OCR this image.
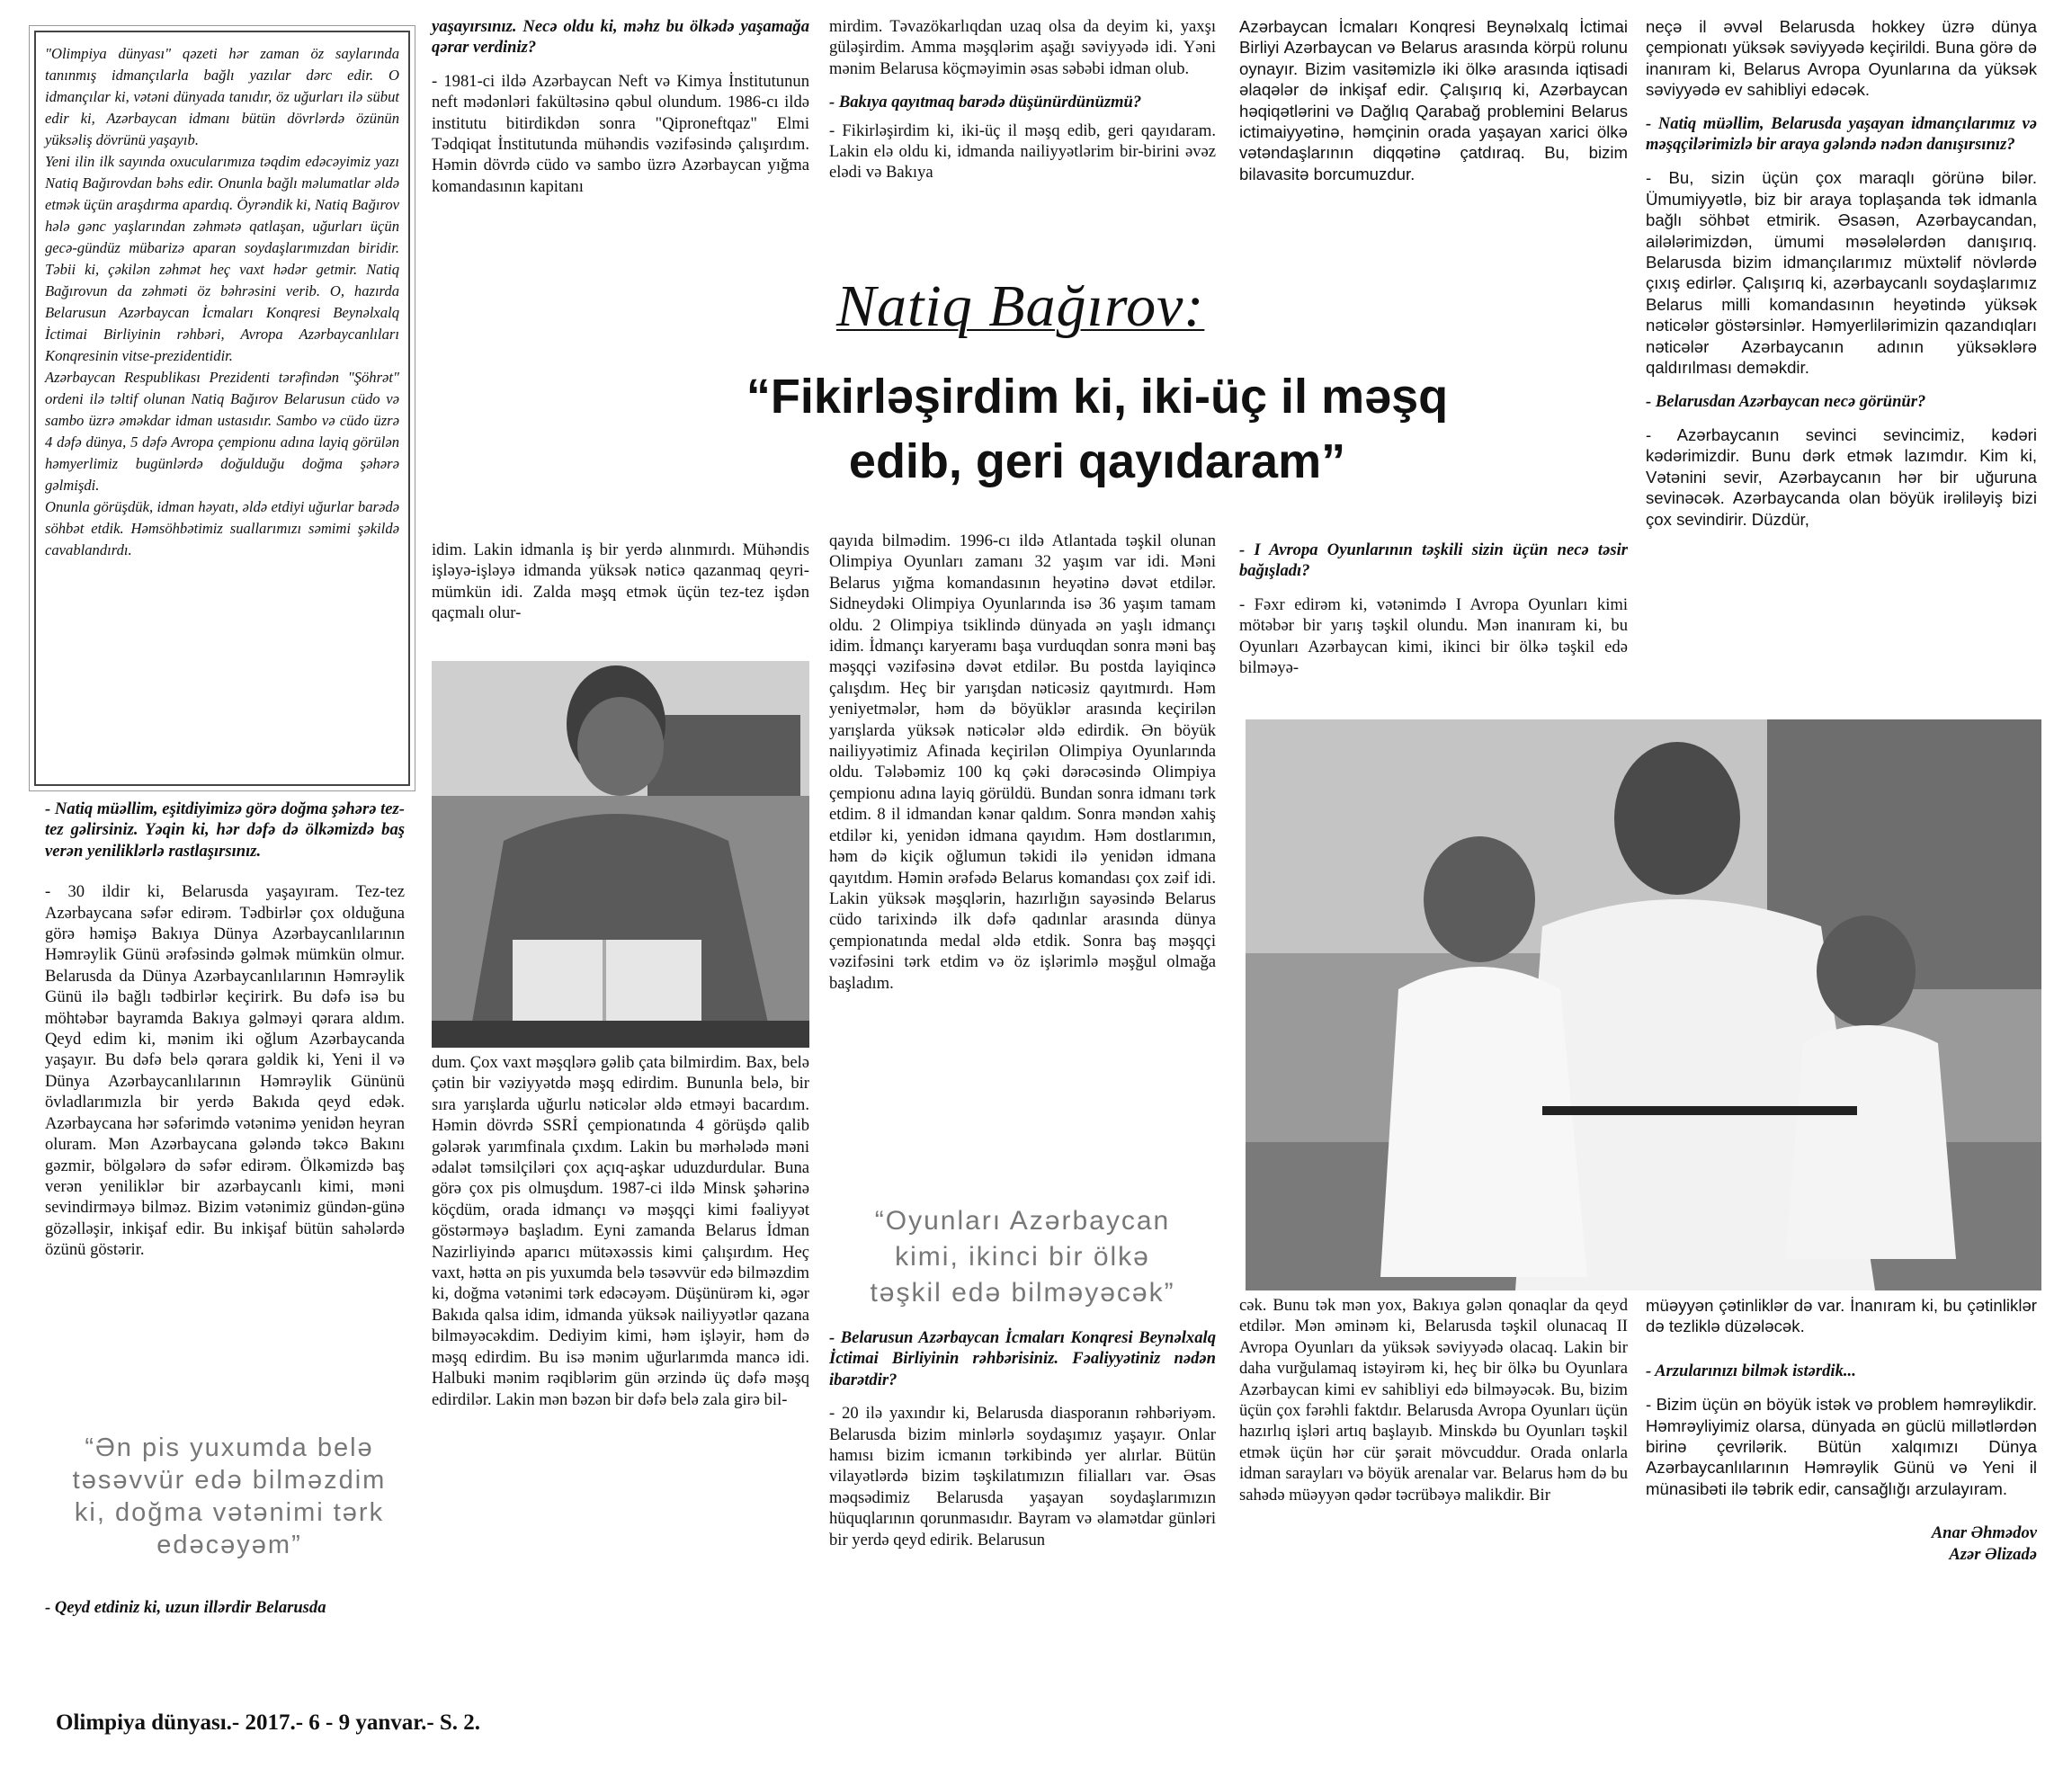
Natiq Bağırov:
“Fikirləşirdim ki, iki-üç il məşq
edib, geri qayıdaram”

"Olimpiya dünyası" qəzeti hər zaman öz saylarında tanınmış idmançılarla bağlı yazılar dərc edir. O idmançılar ki, vətəni dünyada tanıdır, öz uğurları ilə sübut edir ki, Azərbaycan idmanı bütün dövrlərdə özünün yüksəliş dövrünü yaşayıb.
Yeni ilin ilk sayında oxucularımıza təqdim edəcəyimiz yazı Natiq Bağırovdan bəhs edir. Onunla bağlı məlumatlar əldə etmək üçün araşdırma apardıq. Öyrəndik ki, Natiq Bağırov hələ gənc yaşlarından zəhmətə qatlaşan, uğurları üçün gecə-gündüz mübarizə aparan soydaşlarımızdan biridir. Təbii ki, çəkilən zəhmət heç vaxt hədər getmir. Natiq Bağırovun da zəhməti öz bəhrəsini verib. O, hazırda Belarusun Azərbaycan İcmaları Konqresi Beynəlxalq İctimai Birliyinin rəhbəri, Avropa Azərbaycanlıları Konqresinin vitse-prezidentidir.
Azərbaycan Respublikası Prezidenti tərəfindən "Şöhrət" ordeni ilə təltif olunan Natiq Bağırov Belarusun cüdo və sambo üzrə əməkdar idman ustasıdır. Sambo və cüdo üzrə 4 dəfə dünya, 5 dəfə Avropa çempionu adına layiq görülən həmyerlimiz bugünlərdə doğulduğu doğma şəhərə gəlmişdi.
Onunla görüşdük, idman həyatı, əldə etdiyi uğurlar barədə söhbət etdik. Həmsöhbətimiz suallarımızı səmimi şəkildə cavablandırdı.

- Natiq müəllim, eşitdiyimizə görə doğma şəhərə tez-tez gəlirsiniz. Yəqin ki, hər dəfə də ölkəmizdə baş verən yeniliklərlə rastlaşırsınız.

- 30 ildir ki, Belarusda yaşayıram. Tez-tez Azərbaycana səfər edirəm. Tədbirlər çox olduğuna görə həmişə Bakıya Dünya Azərbaycanlılarının Həmrəylik Günü ərəfəsində gəlmək mümkün olmur. Belarusda da Dünya Azərbaycanlılarının Həmrəylik Günü ilə bağlı tədbirlər keçirirk. Bu dəfə isə bu möhtəbər bayramda Bakıya gəlməyi qərara aldım. Qeyd edim ki, mənim iki oğlum Azərbaycanda yaşayır. Bu dəfə belə qərara gəldik ki, Yeni il və Dünya Azərbaycanlılarının Həmrəylik Gününü övladlarımızla bir yerdə Bakıda qeyd edək. Azərbaycana hər səfərimdə vətənimə yenidən heyran oluram. Mən Azərbaycana gələndə təkcə Bakını gəzmir, bölgələrə də səfər edirəm. Ölkəmizdə baş verən yeniliklər bir azərbaycanlı kimi, məni sevindirməyə bilməz. Bizim vətənimiz gündən-günə gözəlləşir, inkişaf edir. Bu inkişaf bütün sahələrdə özünü göstərir.

“Ən pis yuxumda belə
təsəvvür edə bilməzdim
ki, doğma vətənimi tərk
edəcəyəm”
- Qeyd etdiniz ki, uzun illərdir Belarusda

yaşayırsınız. Necə oldu ki, məhz bu ölkədə yaşamağa qərar verdiniz?

- 1981-ci ildə Azərbaycan Neft və Kimya İnstitutunun neft mədənləri fakültəsinə qəbul olundum. 1986-cı ildə institutu bitirdikdən sonra "Qiproneftqaz" Elmi Tədqiqat İnstitutunda mühəndis vəzifəsində çalışırdım. Həmin dövrdə cüdo və sambo üzrə Azərbaycan yığma komandasının kapitanı

idim. Lakin idmanla iş bir yerdə alınmırdı. Mühəndis işləyə-işləyə idmanda yüksək nəticə qazanmaq qeyri-mümkün idi. Zalda məşq etmək üçün tez-tez işdən qaçmalı olur-
dum. Çox vaxt məşqlərə gəlib çata bilmirdim. Bax, belə çətin bir vəziyyətdə məşq edirdim. Bununla belə, bir sıra yarışlarda uğurlu nəticələr əldə etməyi bacardım. Həmin dövrdə SSRİ çempionatında 4 görüşdə qalib gələrək yarımfinala çıxdım. Lakin bu mərhələdə məni ədalət təmsilçiləri çox açıq-aşkar uduzdurdular. Buna görə çox pis olmuşdum. 1987-ci ildə Minsk şəhərinə köçdüm, orada idmançı və məşqçi kimi fəaliyyət göstərməyə başladım. Eyni zamanda Belarus İdman Nazirliyində aparıcı mütəxəssis kimi çalışırdım. Heç vaxt, hətta ən pis yuxumda belə təsəvvür edə bilməzdim ki, doğma vətənimi tərk edəcəyəm. Düşünürəm ki, əgər Bakıda qalsa idim, idmanda yüksək nailiyyətlər qazana bilməyəcəkdim. Dediyim kimi, həm işləyir, həm də məşq edirdim. Bu isə mənim uğurlarımda mancə idi. Halbuki mənim rəqiblərim gün ərzində üç dəfə məşq edirdilər. Lakin mən bəzən bir dəfə belə zala girə bil-

mirdim. Təvazökarlıqdan uzaq olsa da deyim ki, yaxşı güləşirdim. Amma məşqlərim aşağı səviyyədə idi. Yəni mənim Belarusa köçməyimin əsas səbəbi idman olub.

- Bakıya qayıtmaq barədə düşünürdünüzmü?

- Fikirləşirdim ki, iki-üç il məşq edib, geri qayıdaram. Lakin elə oldu ki, idmanda nailiyyətlərim bir-birini əvəz elədi və Bakıya

qayıda bilmədim. 1996-cı ildə Atlantada təşkil olunan Olimpiya Oyunları zamanı 32 yaşım var idi. Məni Belarus yığma komandasının heyətinə dəvət etdilər. Sidneydəki Olimpiya Oyunlarında isə 36 yaşım tamam oldu. 2 Olimpiya tsiklində dünyada ən yaşlı idmançı idim. İdmançı karyeramı başa vurduqdan sonra məni baş məşqçi vəzifəsinə dəvət etdilər. Bu postda layiqincə çalışdım. Heç bir yarışdan nəticəsiz qayıtmırdı. Həm yeniyetmələr, həm də böyüklər arasında keçirilən yarışlarda yüksək nəticələr əldə edirdik. Ən böyük nailiyyətimiz Afinada keçirilən Olimpiya Oyunlarında oldu. Tələbəmiz 100 kq çəki dərəcəsində Olimpiya çempionu adına layiq görüldü. Bundan sonra idmanı tərk etdim. 8 il idmandan kənar qaldım. Sonra məndən xahiş etdilər ki, yenidən idmana qayıdım. Həm dostlarımın, həm də kiçik oğlumun təkidi ilə yenidən idmana qayıtdım. Həmin ərəfədə Belarus komandası çox zəif idi. Lakin yüksək məşqlərin, hazırlığın sayəsində Belarus cüdo tarixində ilk dəfə qadınlar arasında dünya çempionatında medal əldə etdik. Sonra baş məşqçi vəzifəsini tərk etdim və öz işlərimlə məşğul olmağa başladım.
“Oyunları Azərbaycan
kimi, ikinci bir ölkə
təşkil edə bilməyəcək”

- Belarusun Azərbaycan İcmaları Konqresi Beynəlxalq İctimai Birliyinin rəhbərisiniz. Fəaliyyətiniz nədən ibarətdir?

- 20 ilə yaxındır ki, Belarusda diasporanın rəhbəriyəm. Belarusda bizim minlərlə soydaşımız yaşayır. Onlar hamısı bizim icmanın tərkibində yer alırlar. Bütün vilayətlərdə bizim təşkilatımızın filialları var. Əsas məqsədimiz Belarusda yaşayan soydaşlarımızın hüquqlarının qorunmasıdır. Bayram və əlamətdar günləri bir yerdə qeyd edirik. Belarusun

Azərbaycan İcmaları Konqresi Beynəlxalq İctimai Birliyi Azərbaycan və Belarus arasında körpü rolunu oynayır. Bizim vasitəmizlə iki ölkə arasında iqtisadi əlaqələr də inkişaf edir. Çalışırıq ki, Azərbaycan həqiqətlərini və Dağlıq Qarabağ problemini Belarus ictimaiyyətinə, həmçinin orada yaşayan xarici ölkə vətəndaşlarının diqqətinə çatdıraq. Bu, bizim bilavasitə borcumuzdur.

- I Avropa Oyunlarının təşkili sizin üçün necə təsir bağışladı?

- Fəxr edirəm ki, vətənimdə I Avropa Oyunları kimi mötəbər bir yarış təşkil olundu. Mən inanıram ki, bu Oyunları Azərbaycan kimi, ikinci bir ölkə təşkil edə bilməyə-

cək. Bunu tək mən yox, Bakıya gələn qonaqlar da qeyd etdilər. Mən əminəm ki, Belarusda təşkil olunacaq II Avropa Oyunları da yüksək səviyyədə olacaq. Lakin bir daha vurğulamaq istəyirəm ki, heç bir ölkə bu Oyunlara Azərbaycan kimi ev sahibliyi edə bilməyəcək. Bu, bizim üçün çox fərəhli faktdır. Belarusda Avropa Oyunları üçün hazırlıq işləri artıq başlayıb. Minskdə bu Oyunları təşkil etmək üçün hər cür şərait mövcuddur. Orada onlarla idman sarayları və böyük arenalar var. Belarus həm də bu sahədə müəyyən qədər təcrübəyə malikdir. Bir

neçə il əvvəl Belarusda hokkey üzrə dünya çempionatı yüksək səviyyədə keçirildi. Buna görə də inanıram ki, Belarus Avropa Oyunlarına da yüksək səviyyədə ev sahibliyi edəcək.

- Natiq müəllim, Belarusda yaşayan idmançılarımız və məşqçilərimizlə bir araya gələndə nədən danışırsınız?

- Bu, sizin üçün çox maraqlı görünə bilər. Ümumiyyətlə, biz bir araya toplaşanda tək idmanla bağlı söhbət etmirik. Əsasən, Azərbaycandan, ailələrimizdən, ümumi məsələlərdən danışırıq. Belarusda bizim idmançılarımız müxtəlif növlərdə çıxış edirlər. Çalışırıq ki, azərbaycanlı soydaşlarımız Belarus milli komandasının heyətində yüksək nəticələr göstərsinlər. Həmyerlilərimizin qazandıqları nəticələr Azərbaycanın adının yüksəklərə qaldırılması deməkdir.

- Belarusdan Azərbaycan necə görünür?

- Azərbaycanın sevinci sevincimiz, kədəri kədərimizdir. Bunu dərk etmək lazımdır. Kim ki, Vətənini sevir, Azərbaycanın hər bir uğuruna sevinəcək. Azərbaycanda olan böyük irəliləyiş bizi çox sevindirir. Düzdür,

müəyyən çətinliklər də var. İnanıram ki, bu çətinliklər də tezliklə düzələcək.

- Arzularınızı bilmək istərdik...

- Bizim üçün ən böyük istək və problem həmrəylikdir. Həmrəyliyimiz olarsa, dünyada ən güclü millətlərdən birinə çevrilərik. Bütün xalqımızı Dünya Azərbaycanlılarının Həmrəylik Günü və Yeni il münasibəti ilə təbrik edir, cansağlığı arzulayıram.

Anar Əhmədov

Azər Əlizadə

Olimpiya dünyası.- 2017.- 6 - 9 yanvar.- S. 2.
